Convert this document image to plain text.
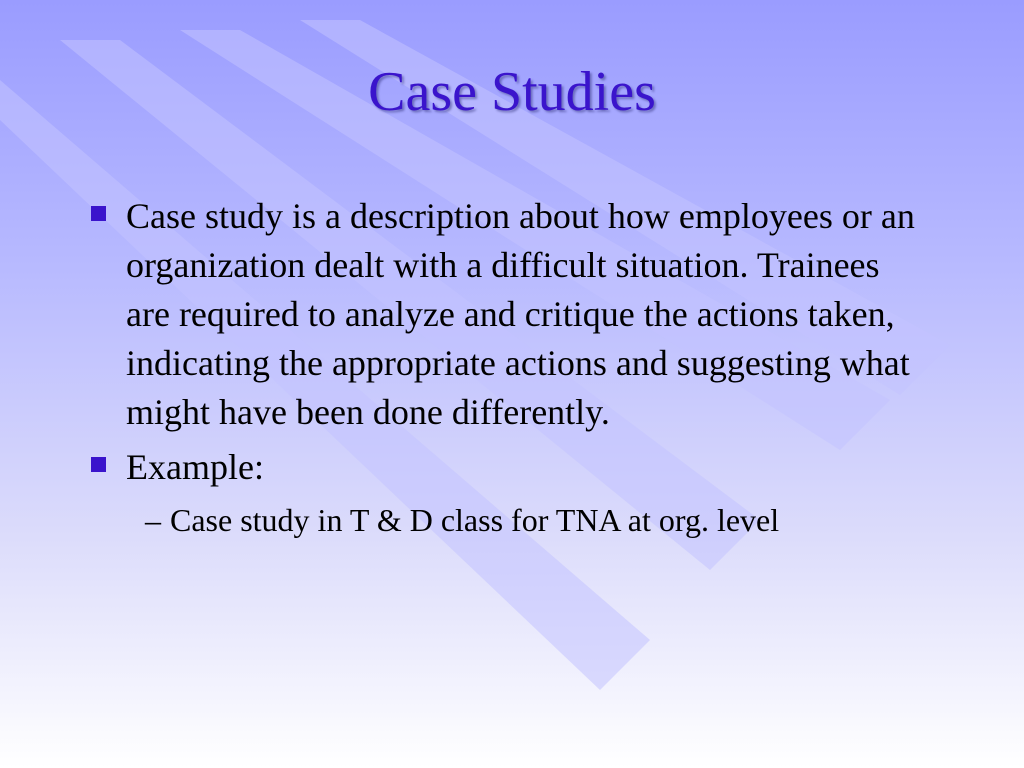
Case Studies
Case study is a description about how employees or an organization dealt with a difficult situation. Trainees are required to analyze and critique the actions taken, indicating the appropriate actions and suggesting what might have been done differently.
Example:
– Case study in T & D class for TNA at org. level
